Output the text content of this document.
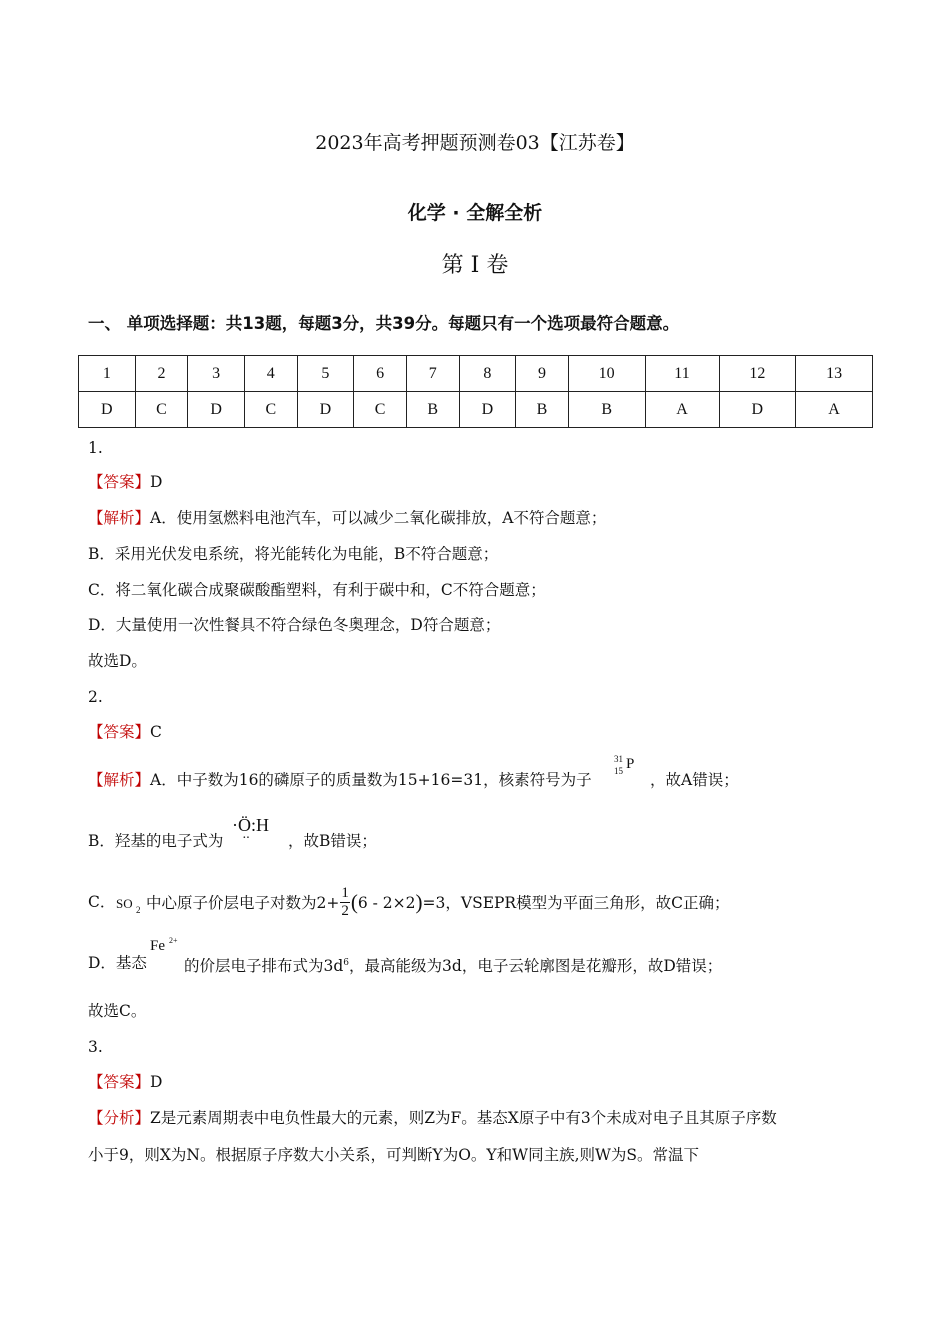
2023年高考押题预测卷03【江苏卷】
化学 · 全解全析
第 I 卷
一、 单项选择题：共13题，每题3分，共39分。每题只有一个选项最符合题意。
1	2	3	4	5	6	7	8	9	10	11	12	13
D	C	D	C	D	C	B	D	B	B	A	D	A
1.
【答案】D
【解析】A．使用氢燃料电池汽车，可以减少二氧化碳排放，A不符合题意；
B．采用光伏发电系统，将光能转化为电能，B不符合题意；
C．将二氧化碳合成聚碳酸酯塑料，有利于碳中和，C不符合题意；
D．大量使用一次性餐具不符合绿色冬奥理念，D符合题意；
故选D。
2.
【答案】C
【解析】A．中子数为16的磷原子的质量数为15+16=31，核素符号为子
31
15 P
，故A错误；
B．羟基的电子式为
·Ö:H
·· ，故B错误；
C． SO 2 中心原子价层电子对数为$2+ \frac{1}{2} (6 - 2\times 2)=3$，VSEPR模型为平面三角形，故C正确；
D．基态
Fe 2+
的价层电子排布式为$3d^6$，最高能级为3d，电子云轮廓图是花瓣形，故D错误；
故选C。
3.
【答案】D
【分析】Z是元素周期表中电负性最大的元素，则Z为F。基态X原子中有3个未成对电子且其原子序数
小于9，则X为N。根据原子序数大小关系，可判断Y为O。Y和W同主族,则W为S。常温下
